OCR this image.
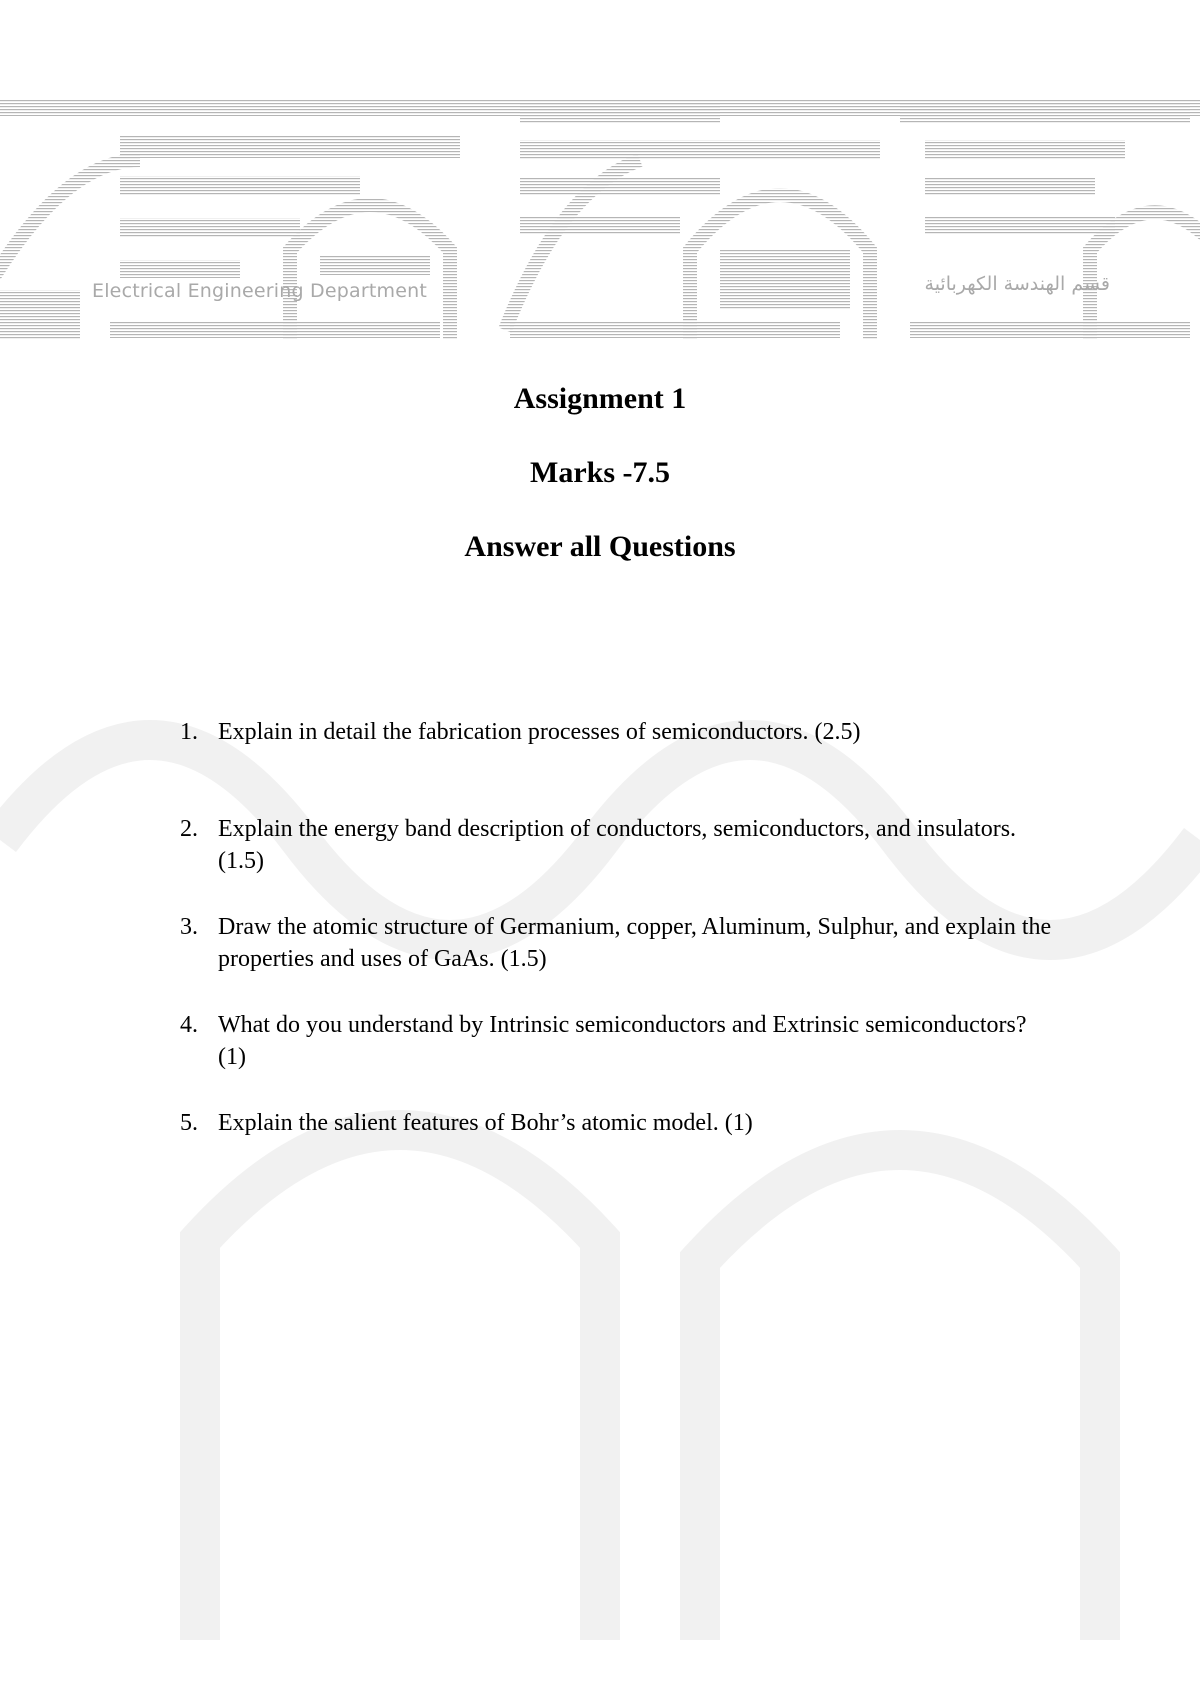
Electrical Engineering Department	قسم الهندسة الكهربائية
Assignment 1
Marks -7.5
Answer all Questions
1. Explain in detail the fabrication processes of semiconductors. (2.5)
2. Explain the energy band description of conductors, semiconductors, and insulators. (1.5)
3. Draw the atomic structure of Germanium, copper, Aluminum, Sulphur, and explain the properties and uses of GaAs. (1.5)
4. What do you understand by Intrinsic semiconductors and Extrinsic semiconductors? (1)
5. Explain the salient features of Bohr’s atomic model. (1)
